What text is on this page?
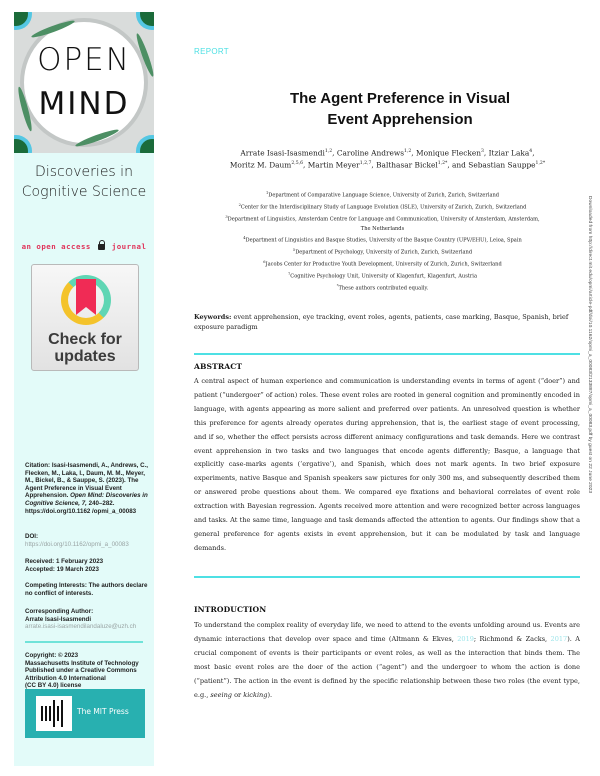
OPEN
MIND
Discoveries in
Cognitive Science
an open access	journal
Check for
updates
Citation: Isasi-Isasmendi, A., Andrews, C., Flecken, M., Laka, I., Daum, M. M., Meyer, M., Bickel, B., & Sauppe, S. (2023). The Agent Preference in Visual Event Apprehension. Open Mind: Discoveries in Cognitive Science, 7, 240–282. https://doi.org/10.1162 /opmi_a_00083
DOI:
https://doi.org/10.1162/opmi_a_00083
Received: 1 February 2023
Accepted: 19 March 2023
Competing Interests: The authors declare no conflict of interests.
Corresponding Author:
Arrate Isasi-Isasmendi
arrate.isasi-isasmendilandaluze@uzh.ch
Copyright: © 2023
Massachusetts Institute of Technology
Published under a Creative Commons Attribution 4.0 International
(CC BY 4.0) license
The MIT Press
REPORT
The Agent Preference in Visual
Event Apprehension
Arrate Isasi-Isasmendi$^{1,2}$, Caroline Andrews$^{1,2}$, Monique Flecken$^3$, Itziar Laka$^4$,
Moritz M. Daum$^{2,5,6}$, Martin Meyer$^{1,2,7}$, Balthasar Bickel$^{1,2*}$, and Sebastian Sauppe$^{1,2*}$
$^1$Department of Comparative Language Science, University of Zurich, Zurich, Switzerland
$^2$Center for the Interdisciplinary Study of Language Evolution (ISLE), University of Zurich, Zurich, Switzerland
$^3$Department of Linguistics, Amsterdam Centre for Language and Communication, University of Amsterdam, Amsterdam, The Netherlands
$^4$Department of Linguistics and Basque Studies, University of the Basque Country (UPV/EHU), Leioa, Spain
$^5$Department of Psychology, University of Zurich, Zurich, Switzerland
$^6$Jacobs Center for Productive Youth Development, University of Zurich, Zurich, Switzerland
$^7$Cognitive Psychology Unit, University of Klagenfurt, Klagenfurt, Austria
*These authors contributed equally.
Keywords: event apprehension, eye tracking, event roles, agents, patients, case marking, Basque, Spanish, brief exposure paradigm
ABSTRACT
A central aspect of human experience and communication is understanding events in terms of agent (“doer”) and patient (“undergoer” of action) roles. These event roles are rooted in general cognition and prominently encoded in language, with agents appearing as more salient and preferred over patients. An unresolved question is whether this preference for agents already operates during apprehension, that is, the earliest stage of event processing, and if so, whether the effect persists across different animacy configurations and task demands. Here we contrast event apprehension in two tasks and two languages that encode agents differently; Basque, a language that explicitly case-marks agents (‘ergative’), and Spanish, which does not mark agents. In two brief exposure experiments, native Basque and Spanish speakers saw pictures for only 300 ms, and subsequently described them or answered probe questions about them. We compared eye fixations and behavioral correlates of event role extraction with Bayesian regression. Agents received more attention and were recognized better across languages and tasks. At the same time, language and task demands affected the attention to agents. Our findings show that a general preference for agents exists in event apprehension, but it can be modulated by task and language demands.
INTRODUCTION
To understand the complex reality of everyday life, we need to attend to the events unfolding around us. Events are dynamic interactions that develop over space and time (Altmann & Ekves, 2019; Richmond & Zacks, 2017). A crucial component of events is their participants or event roles, as well as the interaction that binds them. The most basic event roles are the doer of the action (“agent”) and the undergoer to whom the action is done (“patient”). The action in the event is defined by the specific relationship between these two roles (the event type, e.g., seeing or kicking).
Downloaded from http://direct.mit.edu/opmi/article-pdf/doi/10.1162/opmi_a_00083/2133887/opmi_a_00083.pdf by guest on 22 June 2023
